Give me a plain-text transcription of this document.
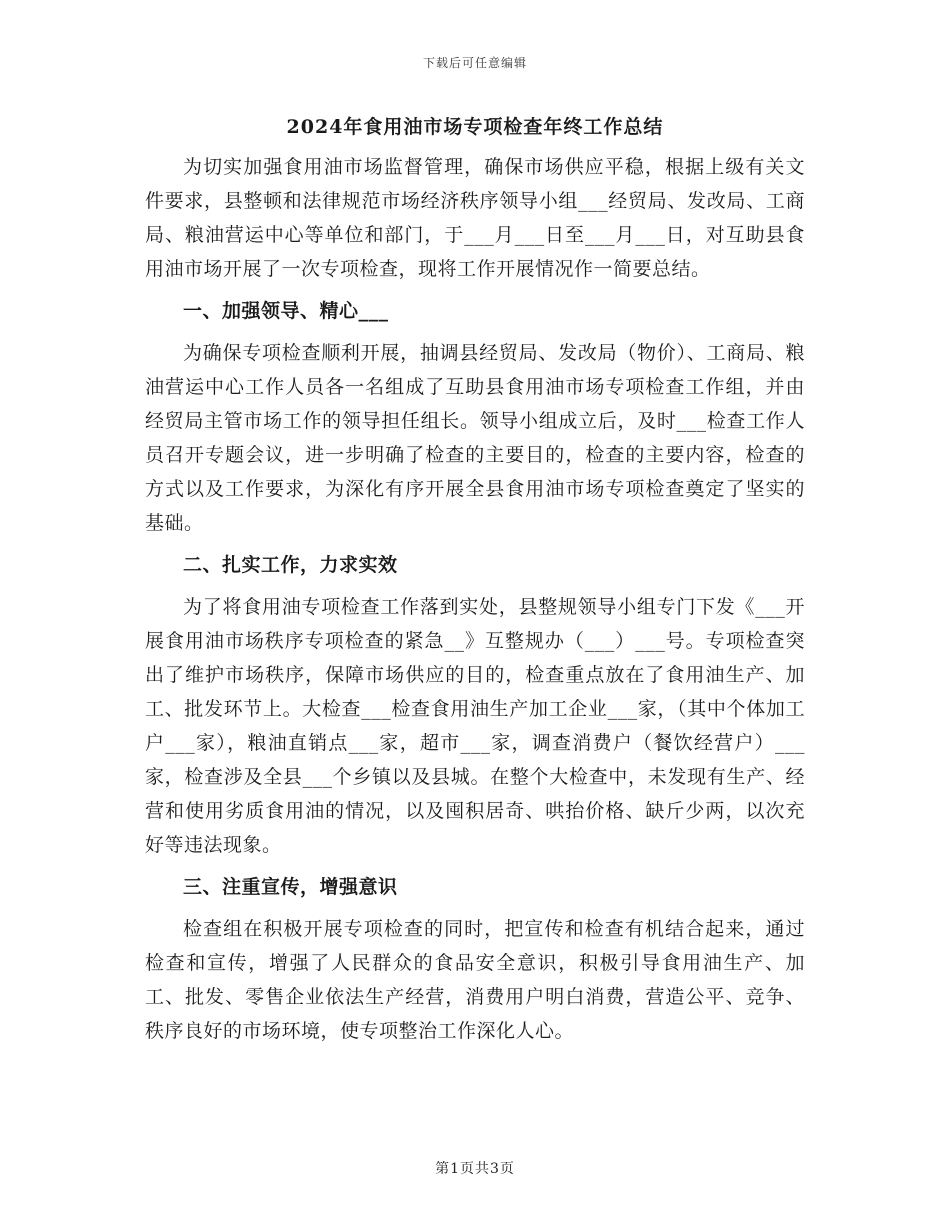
下载后可任意编辑
2024年食用油市场专项检查年终工作总结

为切实加强食用油市场监督管理，确保市场供应平稳，根据上级有关文件要求，县整顿和法律规范市场经济秩序领导小组___经贸局、发改局、工商局、粮油营运中心等单位和部门，于___月___日至___月___日，对互助县食用油市场开展了一次专项检查，现将工作开展情况作一简要总结。

一、加强领导、精心___

为确保专项检查顺利开展，抽调县经贸局、发改局（物价）、工商局、粮油营运中心工作人员各一名组成了互助县食用油市场专项检查工作组，并由经贸局主管市场工作的领导担任组长。领导小组成立后，及时___检查工作人员召开专题会议，进一步明确了检查的主要目的，检查的主要内容，检查的方式以及工作要求，为深化有序开展全县食用油市场专项检查奠定了坚实的基础。

二、扎实工作，力求实效

为了将食用油专项检查工作落到实处，县整规领导小组专门下发《___开展食用油市场秩序专项检查的紧急__》互整规办（___）___号。专项检查突出了维护市场秩序，保障市场供应的目的，检查重点放在了食用油生产、加工、批发环节上。大检查___检查食用油生产加工企业___家，（其中个体加工户___家），粮油直销点___家，超市___家，调查消费户（餐饮经营户）___家，检查涉及全县___个乡镇以及县城。在整个大检查中，未发现有生产、经营和使用劣质食用油的情况，以及囤积居奇、哄抬价格、缺斤少两，以次充好等违法现象。

三、注重宣传，增强意识

检查组在积极开展专项检查的同时，把宣传和检查有机结合起来，通过检查和宣传，增强了人民群众的食品安全意识，积极引导食用油生产、加工、批发、零售企业依法生产经营，消费用户明白消费，营造公平、竞争、秩序良好的市场环境，使专项整治工作深化人心。

第1页共3页
